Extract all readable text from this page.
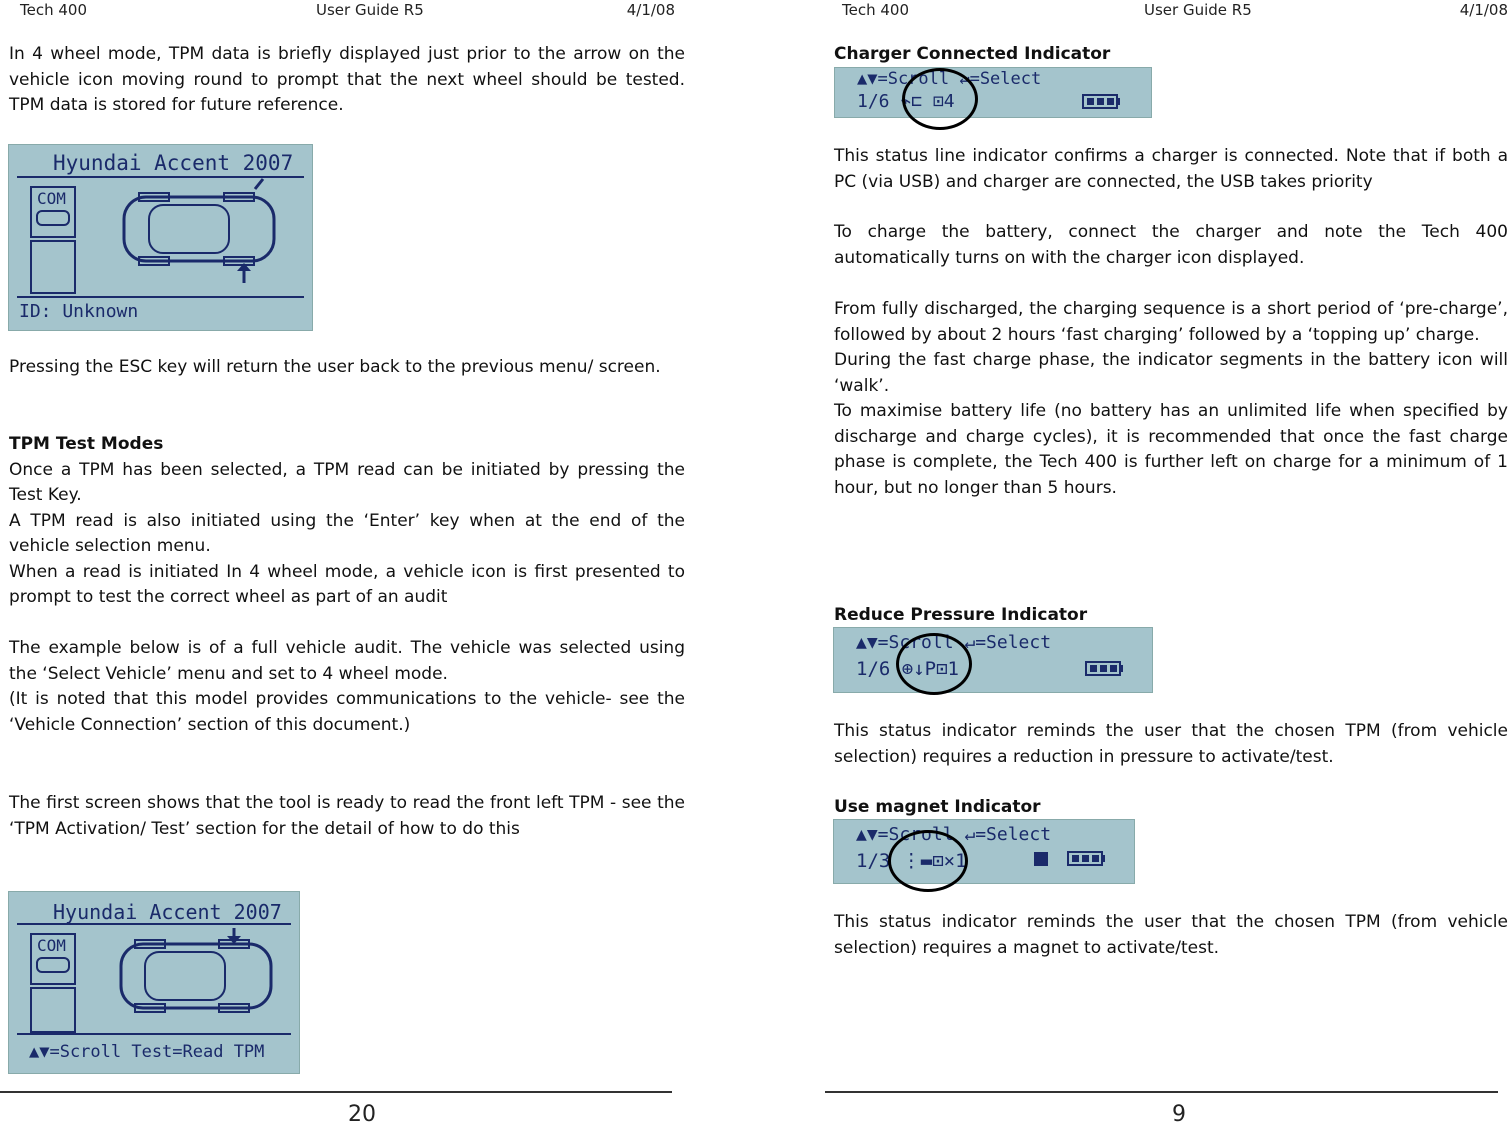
Tech 400	User Guide R5	4/1/08

In 4 wheel mode, TPM data is briefly displayed just prior to the arrow on the vehicle icon moving round to prompt that the next wheel should be tested. TPM data is stored for future reference.

Hyundai Accent 2007
COM
ID: Unknown

Pressing the ESC key will return the user back to the previous menu/ screen.

TPM Test Modes

Once a TPM has been selected, a TPM read can be initiated by pressing the Test Key.

A TPM read is also initiated using the ‘Enter’ key when at the end of the vehicle selection menu.

When a read is initiated In 4 wheel mode, a vehicle icon is first presented to prompt to test the correct wheel as part of an audit

The example below is of a full vehicle audit. The vehicle was selected using the ‘Select Vehicle’ menu and set to 4 wheel mode.

(It is noted that this model provides communications to the vehicle- see the ‘Vehicle Connection’ section of this document.)

The first screen shows that the tool is ready to read the front left TPM - see the ‘TPM Activation/ Test’ section for the detail of how to do this

Hyundai Accent 2007
COM
▲▼=Scroll Test=Read TPM
20
Tech 400	User Guide R5	4/1/08

Charger Connected Indicator

▲▼=Scroll ↵=Select
1/6 ⌁⊏ ⊡4

This status line indicator confirms a charger is connected. Note that if both a PC (via USB) and charger are connected, the USB takes priority

To charge the battery, connect the charger and note the Tech 400 automatically turns on with the charger icon displayed.

From fully discharged, the charging sequence is a short period of ‘pre-charge’, followed by about 2 hours ‘fast charging’ followed by a ‘topping up’ charge.

During the fast charge phase, the indicator segments in the battery icon will ‘walk’.

To maximise battery life (no battery has an unlimited life when specified by discharge and charge cycles), it is recommended that once the fast charge phase is complete, the Tech 400 is further left on charge for a minimum of 1 hour, but no longer than 5 hours.

Reduce Pressure Indicator

▲▼=Scroll ↵=Select
1/6 ⊕↓P⊡1

This status indicator reminds the user that the chosen TPM (from vehicle selection) requires a reduction in pressure to activate/test.

Use magnet Indicator

▲▼=Scroll ↵=Select
1/3 ⋮▬⊡×1

This status indicator reminds the user that the chosen TPM (from vehicle selection) requires a magnet to activate/test.

9
